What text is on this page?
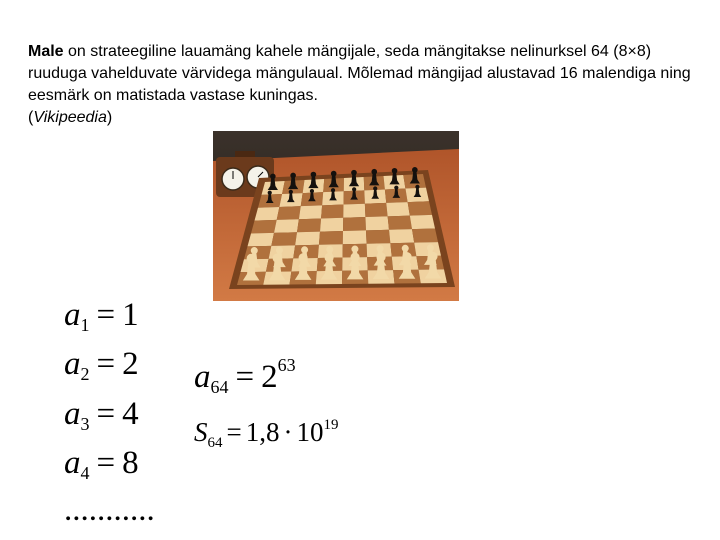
Male on strateegiline lauamäng kahele mängijale, seda mängitakse nelinurksel 64 (8×8) ruuduga vahelduvate värvidega mängulaual. Mõlemad mängijad alustavad 16 malendiga ning eesmärk on matistada vastase kuningas.
(Vikipeedia)
$a_1 = 1$
$a_2 = 2$
$a_3 = 4$
$a_4 = 8$
...........
$a_{64} = 2^{63}$
$S_{64} = 1,8 \cdot 10^{19}$
